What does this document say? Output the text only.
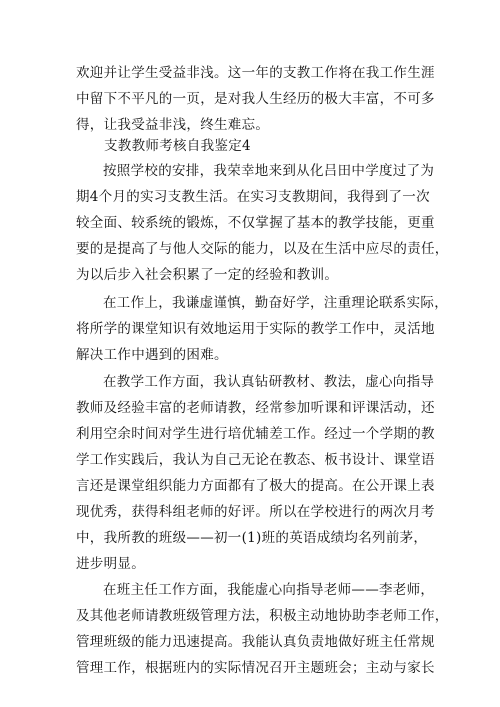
欢迎并让学生受益非浅。这一年的支教工作将在我工作生涯
中留下不平凡的一页，是对我人生经历的极大丰富，不可多
得，让我受益非浅，终生难忘。
支教教师考核自我鉴定4
按照学校的安排，我荣幸地来到从化吕田中学度过了为
期4个月的实习支教生活。在实习支教期间，我得到了一次
较全面、较系统的锻炼，不仅掌握了基本的教学技能，更重
要的是提高了与他人交际的能力，以及在生活中应尽的责任，
为以后步入社会积累了一定的经验和教训。
在工作上，我谦虚谨慎，勤奋好学，注重理论联系实际，
将所学的课堂知识有效地运用于实际的教学工作中，灵活地
解决工作中遇到的困难。
在教学工作方面，我认真钻研教材、教法，虚心向指导
教师及经验丰富的老师请教，经常参加听课和评课活动，还
利用空余时间对学生进行培优辅差工作。经过一个学期的教
学工作实践后，我认为自己无论在教态、板书设计、课堂语
言还是课堂组织能力方面都有了极大的提高。在公开课上表
现优秀，获得科组老师的好评。所以在学校进行的两次月考
中，我所教的班级——初一(1)班的英语成绩均名列前茅，
进步明显。
在班主任工作方面，我能虚心向指导老师——李老师，
及其他老师请教班级管理方法，积极主动地协助李老师工作，
管理班级的能力迅速提高。我能认真负责地做好班主任常规
管理工作，根据班内的实际情况召开主题班会；主动与家长
